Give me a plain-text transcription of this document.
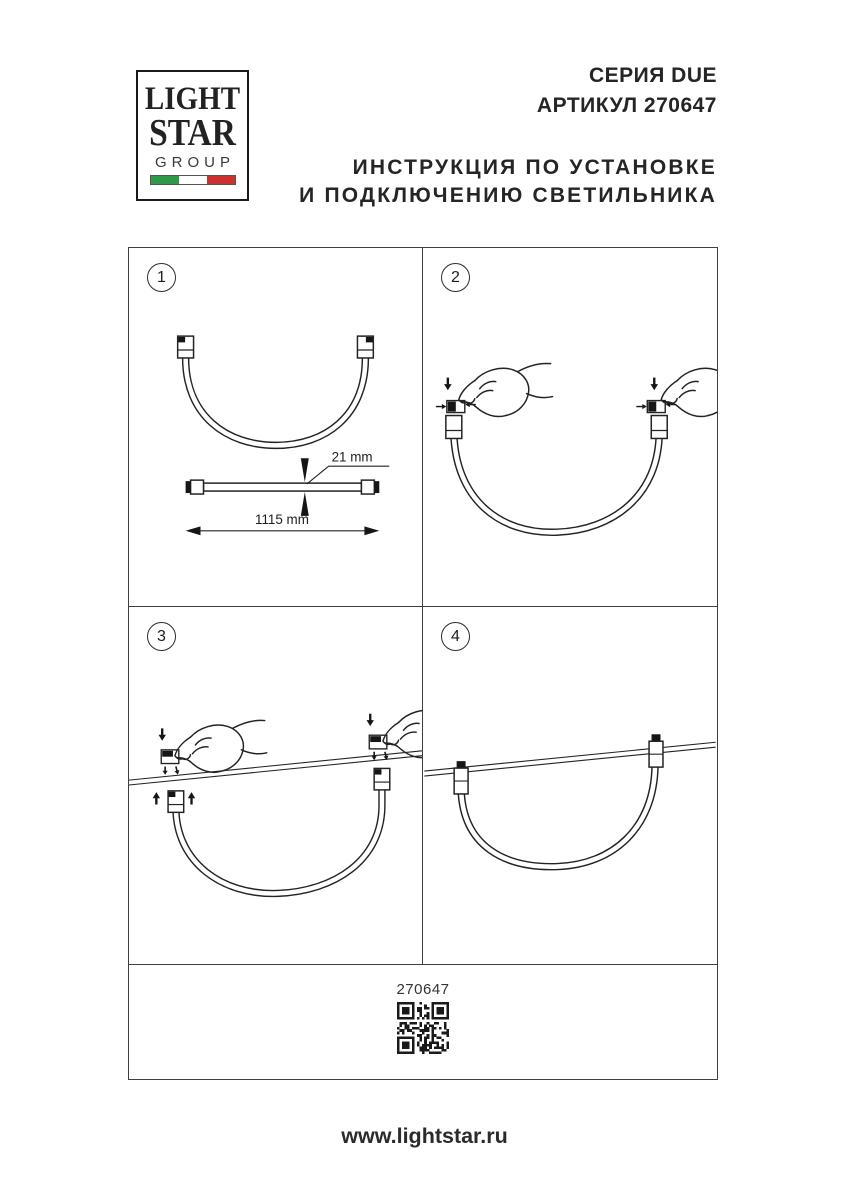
LIGHT
STAR
GROUP
СЕРИЯ DUE
АРТИКУЛ 270647
ИНСТРУКЦИЯ ПО УСТАНОВКЕ
И ПОДКЛЮЧЕНИЮ СВЕТИЛЬНИКА
1
21 mm
1115 mm
2
3	4
270647
www.lightstar.ru
